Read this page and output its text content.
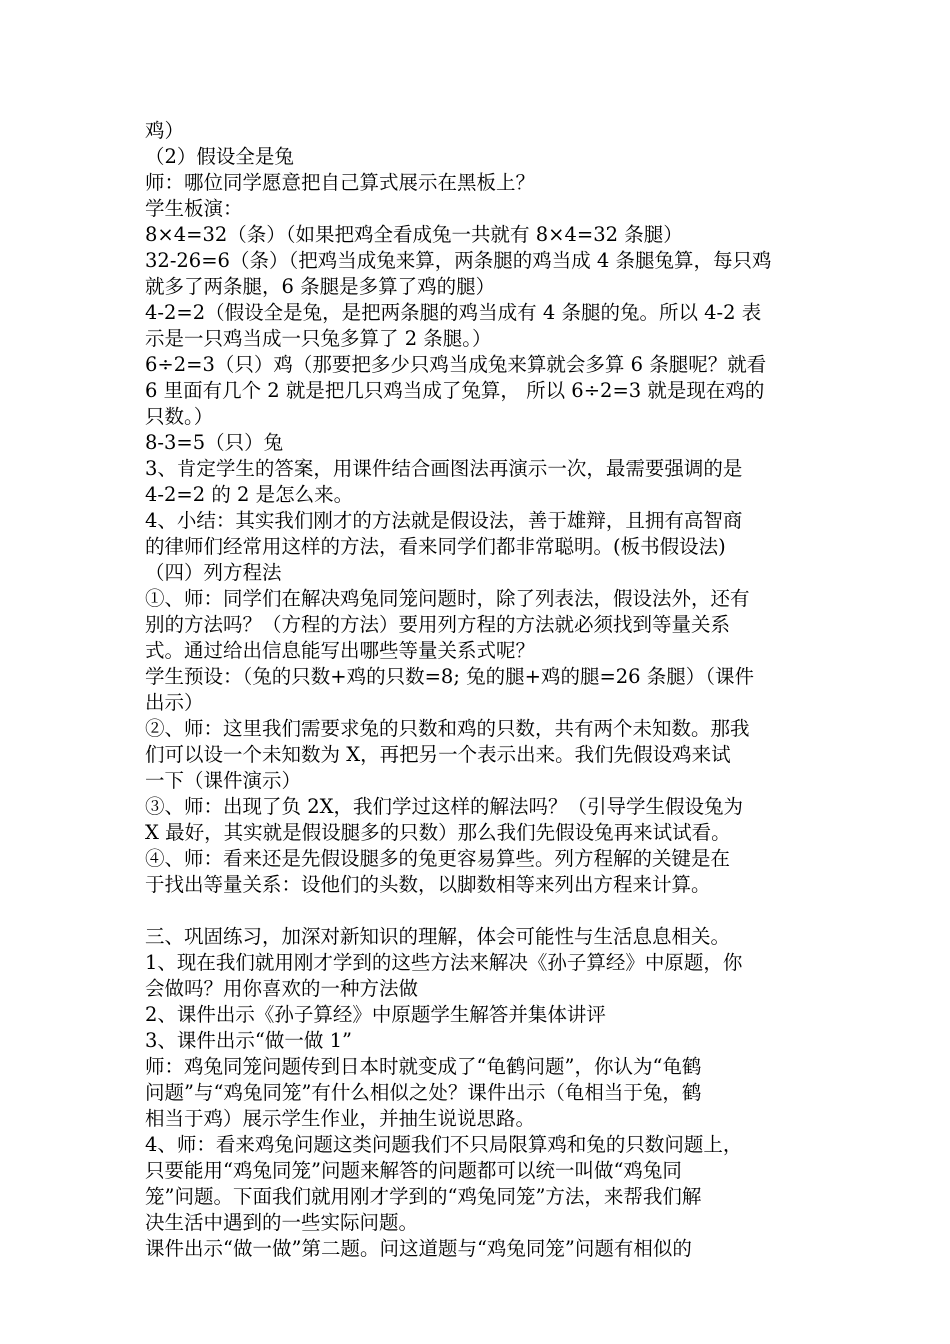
鸡）

（2）假设全是兔

师：哪位同学愿意把自己算式展示在黑板上？

学生板演：

8×4=32（条）（如果把鸡全看成兔一共就有 8×4=32 条腿）

32-26=6（条）（把鸡当成兔来算，两条腿的鸡当成 4 条腿兔算，每只鸡

就多了两条腿，6 条腿是多算了鸡的腿）

4-2=2（假设全是兔，是把两条腿的鸡当成有 4 条腿的兔。所以 4-2 表

示是一只鸡当成一只兔多算了 2 条腿。）

6÷2=3（只）鸡（那要把多少只鸡当成兔来算就会多算 6 条腿呢？就看

6 里面有几个 2 就是把几只鸡当成了兔算， 所以 6÷2=3 就是现在鸡的

只数。）

8-3=5（只）兔

3、肯定学生的答案，用课件结合画图法再演示一次，最需要强调的是

4-2=2 的 2 是怎么来。

4、小结：其实我们刚才的方法就是假设法，善于雄辩，且拥有高智商

的律师们经常用这样的方法，看来同学们都非常聪明。(板书假设法)

（四）列方程法

①、师：同学们在解决鸡兔同笼问题时，除了列表法，假设法外，还有

别的方法吗？（方程的方法）要用列方程的方法就必须找到等量关系

式。通过给出信息能写出哪些等量关系式呢？

学生预设：（兔的只数+鸡的只数=8; 兔的腿+鸡的腿=26 条腿）（课件

出示）

②、师：这里我们需要求兔的只数和鸡的只数，共有两个未知数。那我

们可以设一个未知数为 X，再把另一个表示出来。我们先假设鸡来试

一下（课件演示）

③、师：出现了负 2X，我们学过这样的解法吗？（引导学生假设兔为

X 最好，其实就是假设腿多的只数）那么我们先假设兔再来试试看。

④、师：看来还是先假设腿多的兔更容易算些。列方程解的关键是在

于找出等量关系：设他们的头数，以脚数相等来列出方程来计算。

三、巩固练习，加深对新知识的理解，体会可能性与生活息息相关。

1、现在我们就用刚才学到的这些方法来解决《孙子算经》中原题，你

会做吗？用你喜欢的一种方法做

2、课件出示《孙子算经》中原题学生解答并集体讲评

3、课件出示“做一做 1”

师：鸡兔同笼问题传到日本时就变成了“龟鹤问题”，你认为“龟鹤

问题”与“鸡兔同笼”有什么相似之处？课件出示（龟相当于兔，鹤

相当于鸡）展示学生作业，并抽生说说思路。

4、师：看来鸡兔问题这类问题我们不只局限算鸡和兔的只数问题上，

只要能用“鸡兔同笼”问题来解答的问题都可以统一叫做“鸡兔同

笼”问题。下面我们就用刚才学到的“鸡兔同笼”方法，来帮我们解

决生活中遇到的一些实际问题。

课件出示“做一做”第二题。问这道题与“鸡兔同笼”问题有相似的
